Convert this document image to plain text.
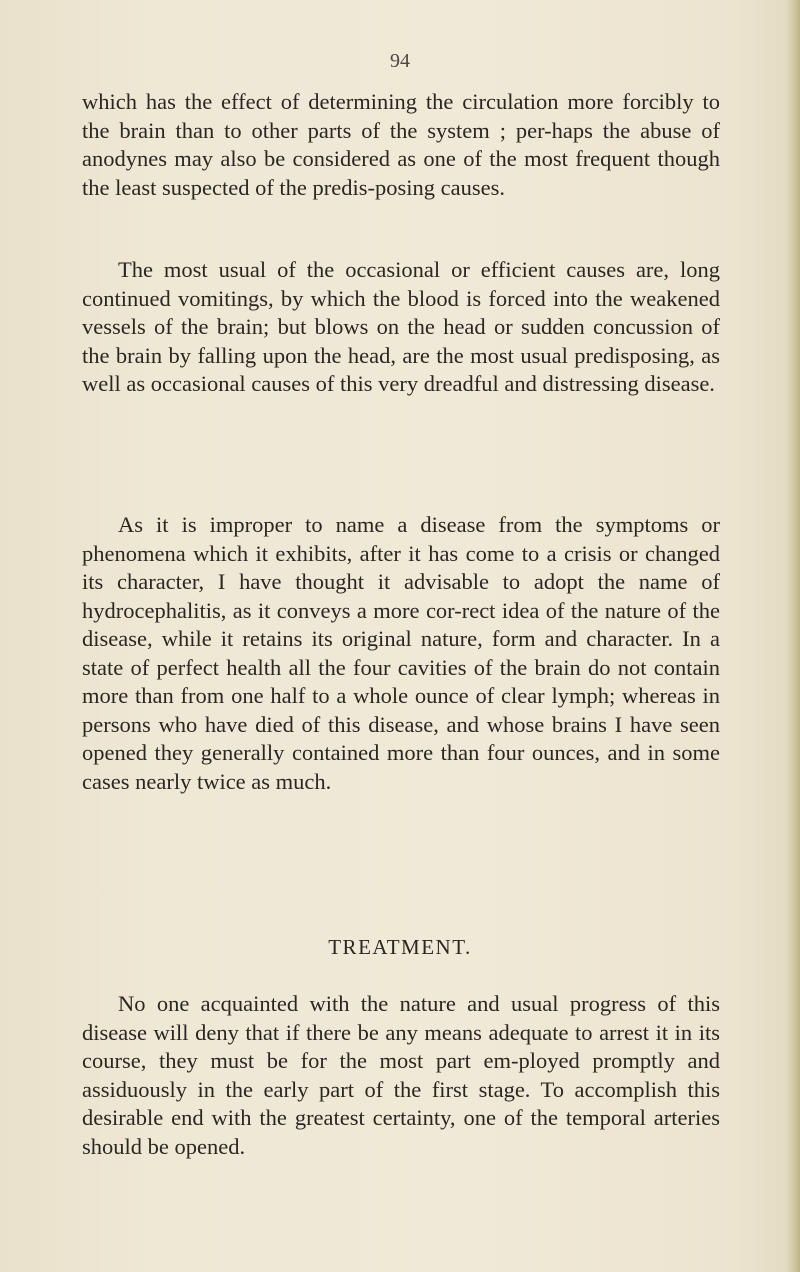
94

which has the effect of determining the circulation more forcibly to the brain than to other parts of the system ; per-haps the abuse of anodynes may also be considered as one of the most frequent though the least suspected of the predis-posing causes.

The most usual of the occasional or efficient causes are, long continued vomitings, by which the blood is forced into the weakened vessels of the brain; but blows on the head or sudden concussion of the brain by falling upon the head, are the most usual predisposing, as well as occasional causes of this very dreadful and distressing disease.

As it is improper to name a disease from the symptoms or phenomena which it exhibits, after it has come to a crisis or changed its character, I have thought it advisable to adopt the name of hydrocephalitis, as it conveys a more cor-rect idea of the nature of the disease, while it retains its original nature, form and character. In a state of perfect health all the four cavities of the brain do not contain more than from one half to a whole ounce of clear lymph; whereas in persons who have died of this disease, and whose brains I have seen opened they generally contained more than four ounces, and in some cases nearly twice as much.

TREATMENT.

No one acquainted with the nature and usual progress of this disease will deny that if there be any means adequate to arrest it in its course, they must be for the most part em-ployed promptly and assiduously in the early part of the first stage. To accomplish this desirable end with the greatest certainty, one of the temporal arteries should be opened.
